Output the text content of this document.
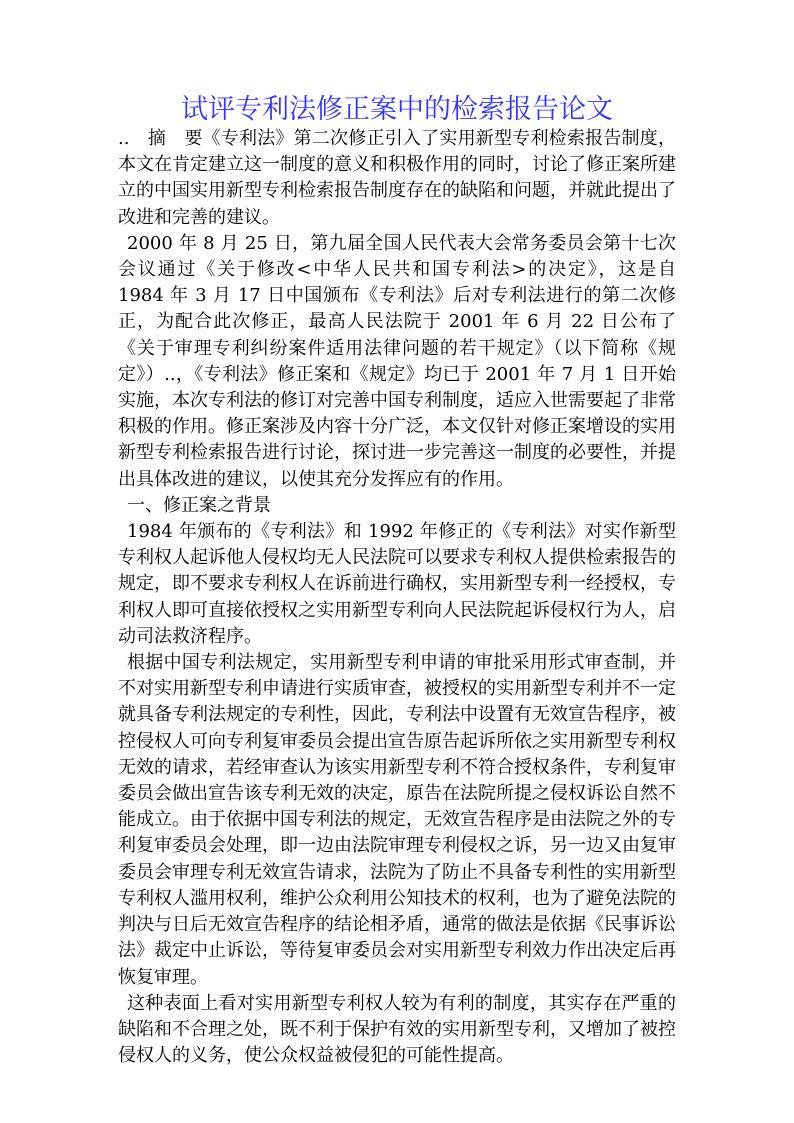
试评专利法修正案中的检索报告论文

..　摘　要《专利法》第二次修正引入了实用新型专利检索报告制度，本文在肯定建立这一制度的意义和积极作用的同时，讨论了修正案所建立的中国实用新型专利检索报告制度存在的缺陷和问题，并就此提出了改进和完善的建议。

2000 年 8 月 25 日，第九届全国人民代表大会常务委员会第十七次会议通过《关于修改<中华人民共和国专利法>的决定》，这是自 1984 年 3 月 17 日中国颁布《专利法》后对专利法进行的第二次修正，为配合此次修正，最高人民法院于 2001 年 6 月 22 日公布了《关于审理专利纠纷案件适用法律问题的若干规定》（以下简称《规定》）..，《专利法》修正案和《规定》均已于 2001 年 7 月 1 日开始实施，本次专利法的修订对完善中国专利制度，适应入世需要起了非常积极的作用。修正案涉及内容十分广泛，本文仅针对修正案增设的实用新型专利检索报告进行讨论，探讨进一步完善这一制度的必要性，并提出具体改进的建议，以使其充分发挥应有的作用。

一、修正案之背景

1984 年颁布的《专利法》和 1992 年修正的《专利法》对实作新型专利权人起诉他人侵权均无人民法院可以要求专利权人提供检索报告的规定，即不要求专利权人在诉前进行确权，实用新型专利一经授权，专利权人即可直接依授权之实用新型专利向人民法院起诉侵权行为人，启动司法救济程序。

根据中国专利法规定，实用新型专利申请的审批采用形式审查制，并不对实用新型专利申请进行实质审查，被授权的实用新型专利并不一定就具备专利法规定的专利性，因此，专利法中设置有无效宣告程序，被控侵权人可向专利复审委员会提出宣告原告起诉所依之实用新型专利权无效的请求，若经审查认为该实用新型专利不符合授权条件，专利复审委员会做出宣告该专利无效的决定，原告在法院所提之侵权诉讼自然不能成立。由于依据中国专利法的规定，无效宣告程序是由法院之外的专利复审委员会处理，即一边由法院审理专利侵权之诉，另一边又由复审委员会审理专利无效宣告请求，法院为了防止不具备专利性的实用新型专利权人滥用权利，维护公众利用公知技术的权利，也为了避免法院的判决与日后无效宣告程序的结论相矛盾，通常的做法是依据《民事诉讼法》裁定中止诉讼，等待复审委员会对实用新型专利效力作出决定后再恢复审理。

这种表面上看对实用新型专利权人较为有利的制度，其实存在严重的缺陷和不合理之处，既不利于保护有效的实用新型专利，又增加了被控侵权人的义务，使公众权益被侵犯的可能性提高。
